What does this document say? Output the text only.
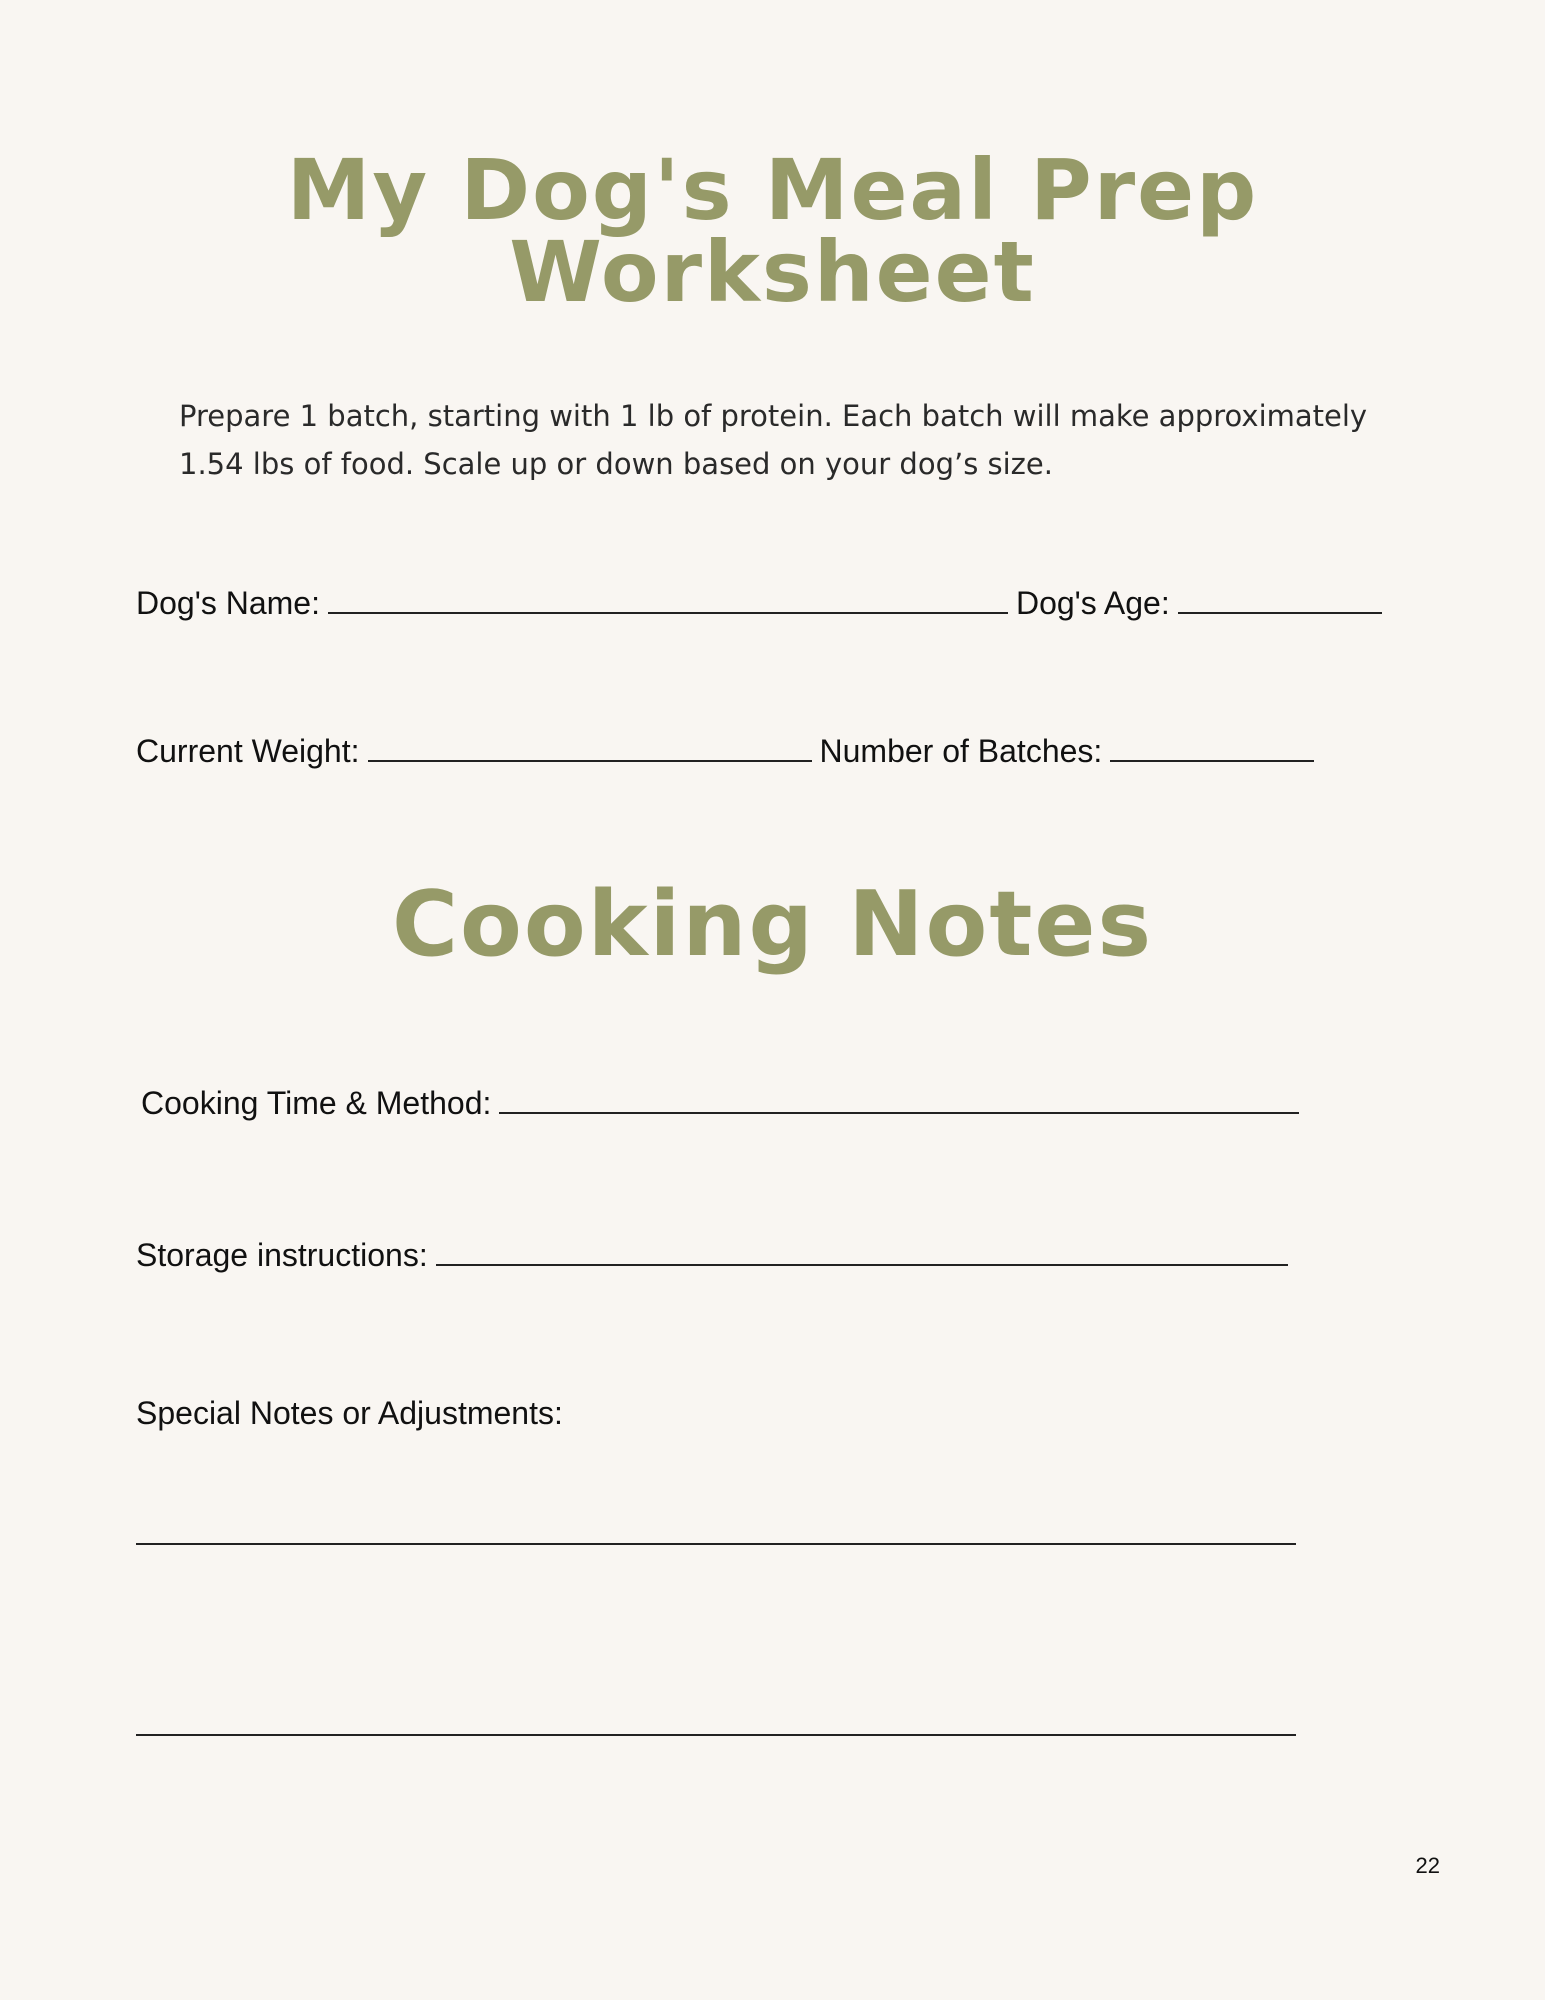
My Dog's Meal Prep
Worksheet

Prepare 1 batch, starting with 1 lb of protein. Each batch will make approximately
1.54 lbs of food. Scale up or down based on your dog’s size.

Dog's Name:	Dog's Age:
Current Weight:	Number of Batches:
Cooking Notes
Cooking Time & Method:
Storage instructions:
Special Notes or Adjustments:
22
